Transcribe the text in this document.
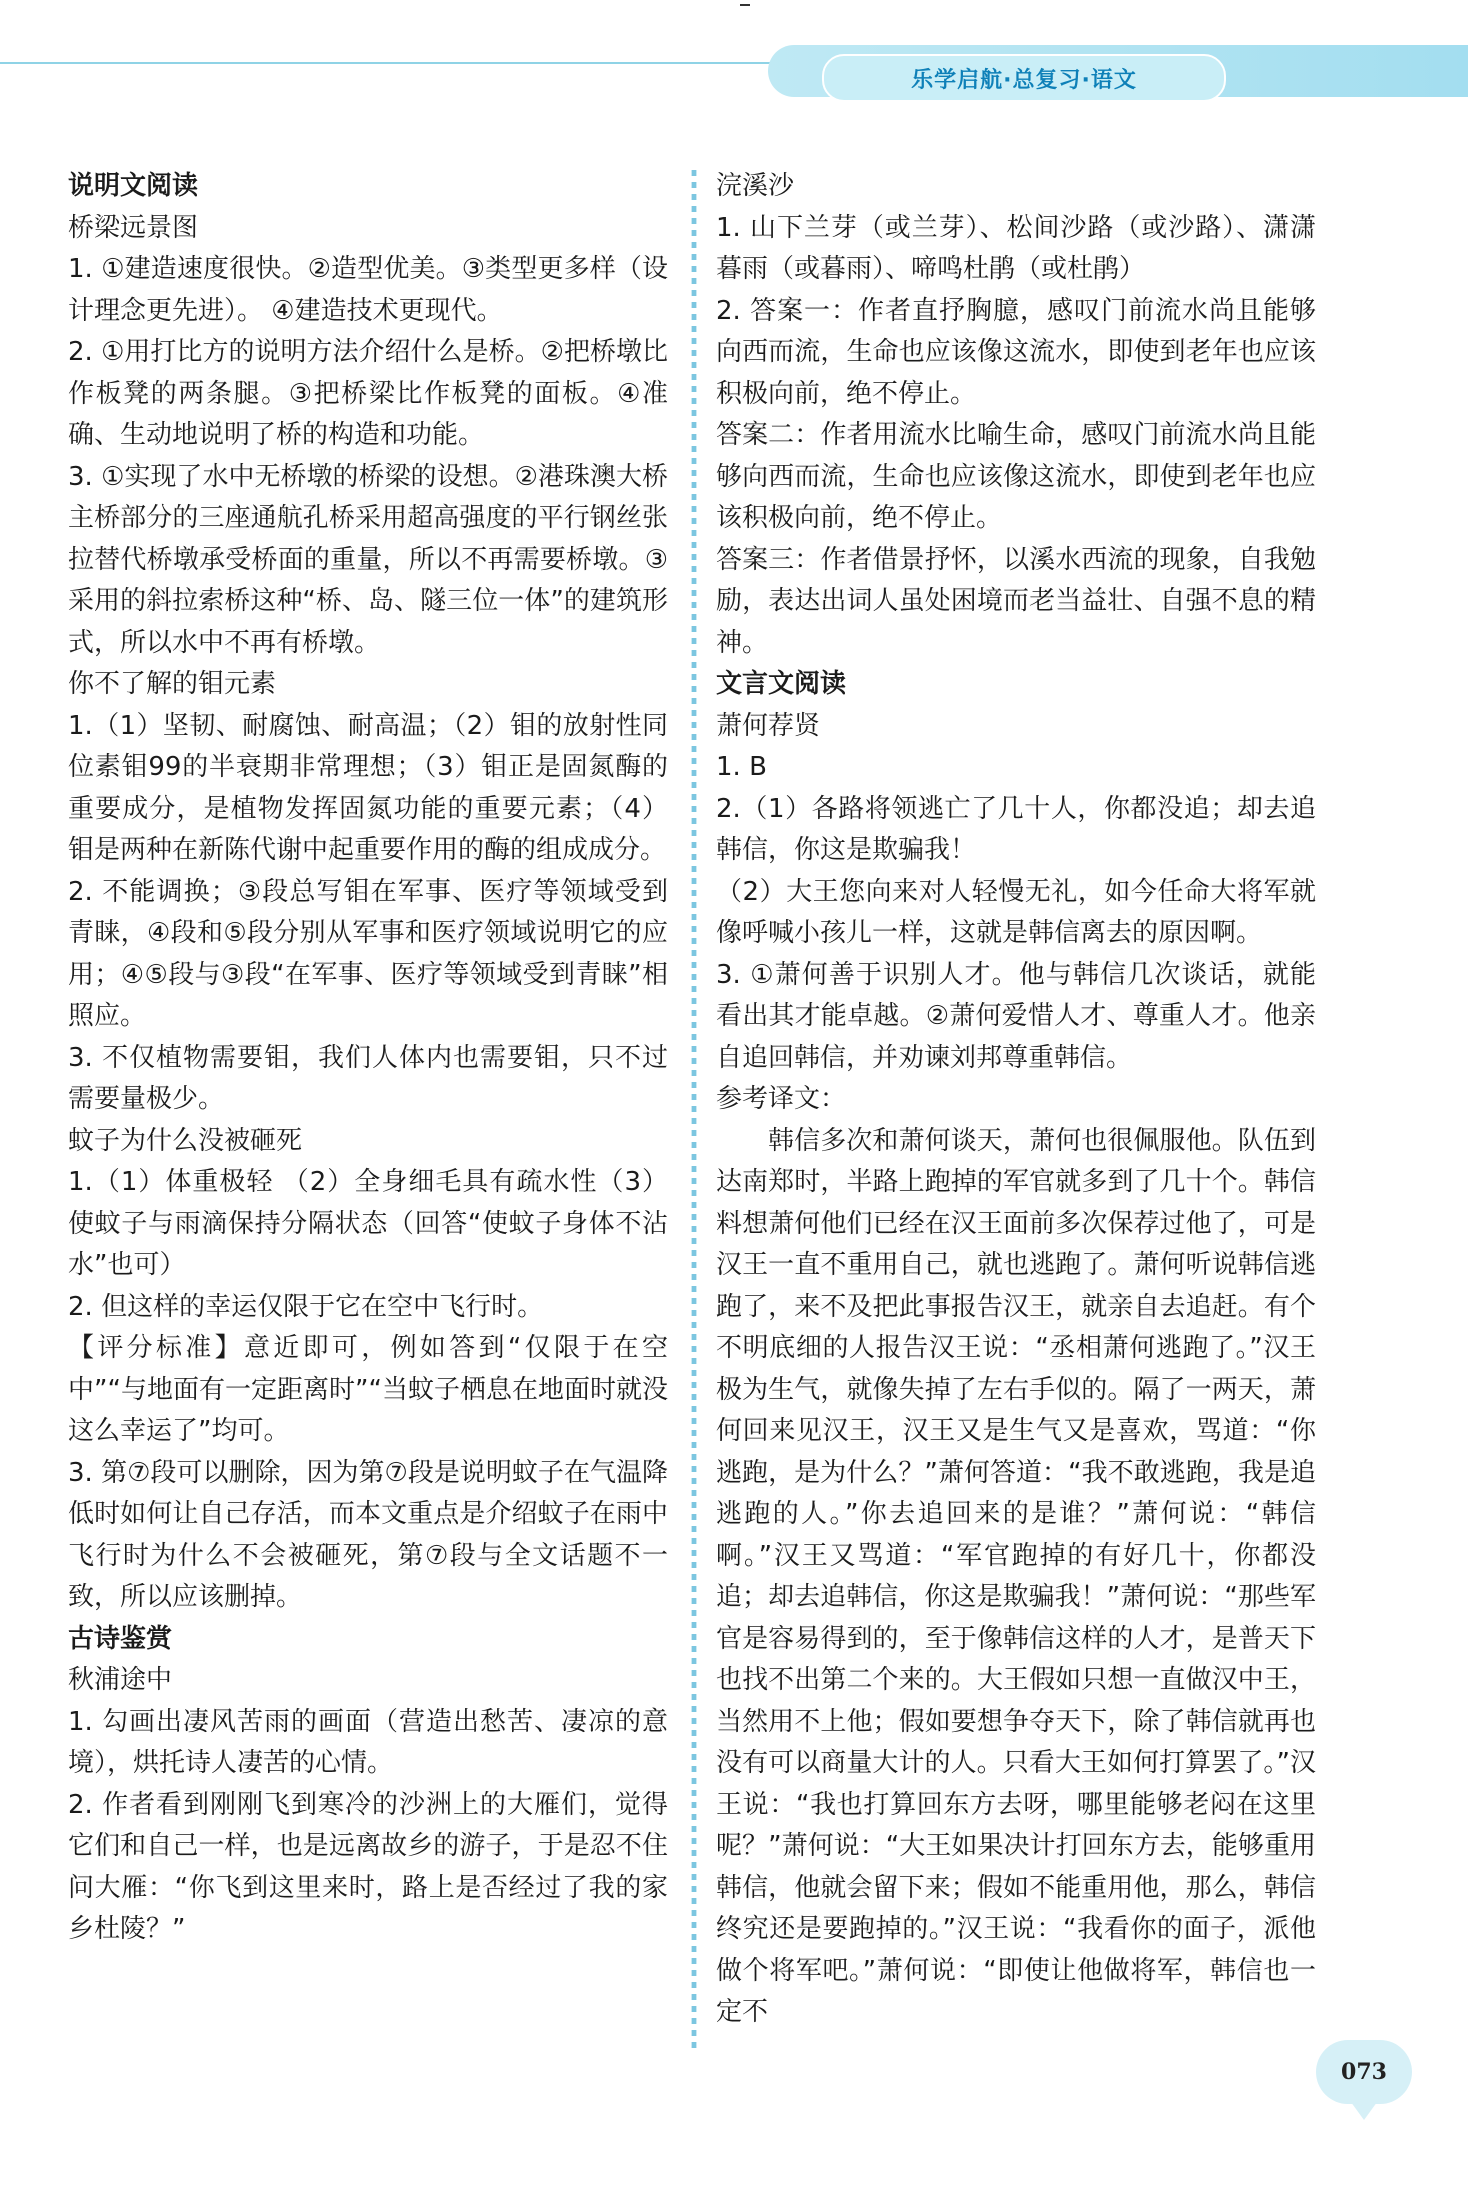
乐学启航·总复习·语文

说明文阅读

桥梁远景图

1. ①建造速度很快。②造型优美。③类型更多样（设计理念更先进）。 ④建造技术更现代。

2. ①用打比方的说明方法介绍什么是桥。②把桥墩比作板凳的两条腿。③把桥梁比作板凳的面板。④准确、生动地说明了桥的构造和功能。

3. ①实现了水中无桥墩的桥梁的设想。②港珠澳大桥主桥部分的三座通航孔桥采用超高强度的平行钢丝张拉替代桥墩承受桥面的重量，所以不再需要桥墩。③采用的斜拉索桥这种“桥、岛、隧三位一体”的建筑形式，所以水中不再有桥墩。

你不了解的钼元素

1.（1）坚韧、耐腐蚀、耐高温；（2）钼的放射性同位素钼99的半衰期非常理想；（3）钼正是固氮酶的重要成分，是植物发挥固氮功能的重要元素；（4）钼是两种在新陈代谢中起重要作用的酶的组成成分。

2. 不能调换；③段总写钼在军事、医疗等领域受到青睐，④段和⑤段分别从军事和医疗领域说明它的应用；④⑤段与③段“在军事、医疗等领域受到青睐”相照应。

3. 不仅植物需要钼，我们人体内也需要钼，只不过需要量极少。

蚊子为什么没被砸死

1.（1）体重极轻 （2）全身细毛具有疏水性（3）使蚊子与雨滴保持分隔状态（回答“使蚊子身体不沾水”也可）

2. 但这样的幸运仅限于它在空中飞行时。

【评分标准】意近即可，例如答到“仅限于在空中”“与地面有一定距离时”“当蚊子栖息在地面时就没这么幸运了”均可。

3. 第⑦段可以删除，因为第⑦段是说明蚊子在气温降低时如何让自己存活，而本文重点是介绍蚊子在雨中飞行时为什么不会被砸死，第⑦段与全文话题不一致，所以应该删掉。

古诗鉴赏

秋浦途中

1. 勾画出凄风苦雨的画面（营造出愁苦、凄凉的意境），烘托诗人凄苦的心情。

2. 作者看到刚刚飞到寒冷的沙洲上的大雁们，觉得它们和自己一样，也是远离故乡的游子，于是忍不住问大雁：“你飞到这里来时，路上是否经过了我的家乡杜陵？”

浣溪沙

1. 山下兰芽（或兰芽）、松间沙路（或沙路）、潇潇暮雨（或暮雨）、啼鸣杜鹃（或杜鹃）

2. 答案一：作者直抒胸臆，感叹门前流水尚且能够向西而流，生命也应该像这流水，即使到老年也应该积极向前，绝不停止。

答案二：作者用流水比喻生命，感叹门前流水尚且能够向西而流，生命也应该像这流水，即使到老年也应该积极向前，绝不停止。

答案三：作者借景抒怀，以溪水西流的现象，自我勉励，表达出词人虽处困境而老当益壮、自强不息的精神。

文言文阅读

萧何荐贤

1. B

2.（1）各路将领逃亡了几十人，你都没追；却去追韩信，你这是欺骗我！

（2）大王您向来对人轻慢无礼，如今任命大将军就像呼喊小孩儿一样，这就是韩信离去的原因啊。

3. ①萧何善于识别人才。他与韩信几次谈话，就能看出其才能卓越。②萧何爱惜人才、尊重人才。他亲自追回韩信，并劝谏刘邦尊重韩信。

参考译文：

韩信多次和萧何谈天，萧何也很佩服他。队伍到达南郑时，半路上跑掉的军官就多到了几十个。韩信料想萧何他们已经在汉王面前多次保荐过他了，可是汉王一直不重用自己，就也逃跑了。萧何听说韩信逃跑了，来不及把此事报告汉王，就亲自去追赶。有个不明底细的人报告汉王说：“丞相萧何逃跑了。”汉王极为生气，就像失掉了左右手似的。隔了一两天，萧何回来见汉王，汉王又是生气又是喜欢，骂道：“你逃跑，是为什么？”萧何答道：“我不敢逃跑，我是追逃跑的人。”你去追回来的是谁？”萧何说：“韩信啊。”汉王又骂道：“军官跑掉的有好几十，你都没追；却去追韩信，你这是欺骗我！”萧何说：“那些军官是容易得到的，至于像韩信这样的人才，是普天下也找不出第二个来的。大王假如只想一直做汉中王，当然用不上他；假如要想争夺天下，除了韩信就再也没有可以商量大计的人。只看大王如何打算罢了。”汉王说：“我也打算回东方去呀，哪里能够老闷在这里呢？”萧何说：“大王如果决计打回东方去，能够重用韩信，他就会留下来；假如不能重用他，那么，韩信终究还是要跑掉的。”汉王说：“我看你的面子，派他做个将军吧。”萧何说：“即使让他做将军，韩信也一定不

073
